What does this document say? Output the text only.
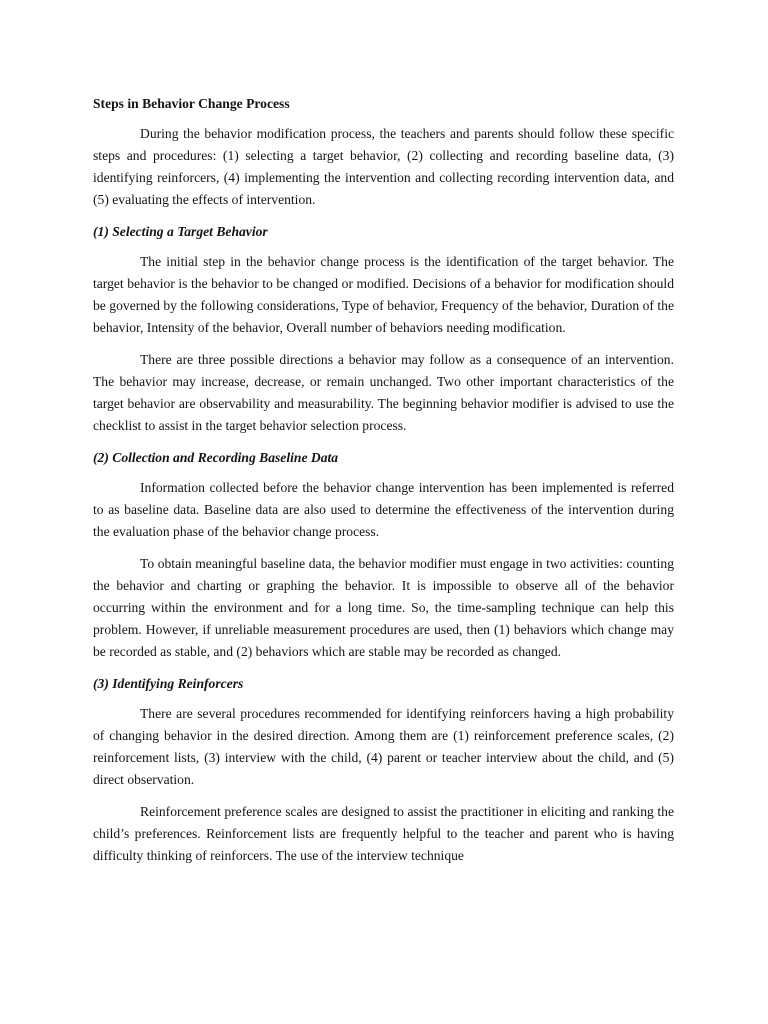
Steps in Behavior Change Process

During the behavior modification process, the teachers and parents should follow these specific steps and procedures: (1) selecting a target behavior, (2) collecting and recording baseline data, (3) identifying reinforcers, (4) implementing the intervention and collecting recording intervention data, and (5) evaluating the effects of intervention.

(1) Selecting a Target Behavior

The initial step in the behavior change process is the identification of the target behavior. The target behavior is the behavior to be changed or modified. Decisions of a behavior for modification should be governed by the following considerations, Type of behavior, Frequency of the behavior, Duration of the behavior, Intensity of the behavior, Overall number of behaviors needing modification.

There are three possible directions a behavior may follow as a consequence of an intervention. The behavior may increase, decrease, or remain unchanged. Two other important characteristics of the target behavior are observability and measurability. The beginning behavior modifier is advised to use the checklist to assist in the target behavior selection process.

(2) Collection and Recording Baseline Data

Information collected before the behavior change intervention has been implemented is referred to as baseline data. Baseline data are also used to determine the effectiveness of the intervention during the evaluation phase of the behavior change process.

To obtain meaningful baseline data, the behavior modifier must engage in two activities: counting the behavior and charting or graphing the behavior. It is impossible to observe all of the behavior occurring within the environment and for a long time. So, the time-sampling technique can help this problem. However, if unreliable measurement procedures are used, then (1) behaviors which change may be recorded as stable, and (2) behaviors which are stable may be recorded as changed.

(3) Identifying Reinforcers

There are several procedures recommended for identifying reinforcers having a high probability of changing behavior in the desired direction. Among them are (1) reinforcement preference scales, (2) reinforcement lists, (3) interview with the child, (4) parent or teacher interview about the child, and (5) direct observation.

Reinforcement preference scales are designed to assist the practitioner in eliciting and ranking the child’s preferences. Reinforcement lists are frequently helpful to the teacher and parent who is having difficulty thinking of reinforcers. The use of the interview technique
